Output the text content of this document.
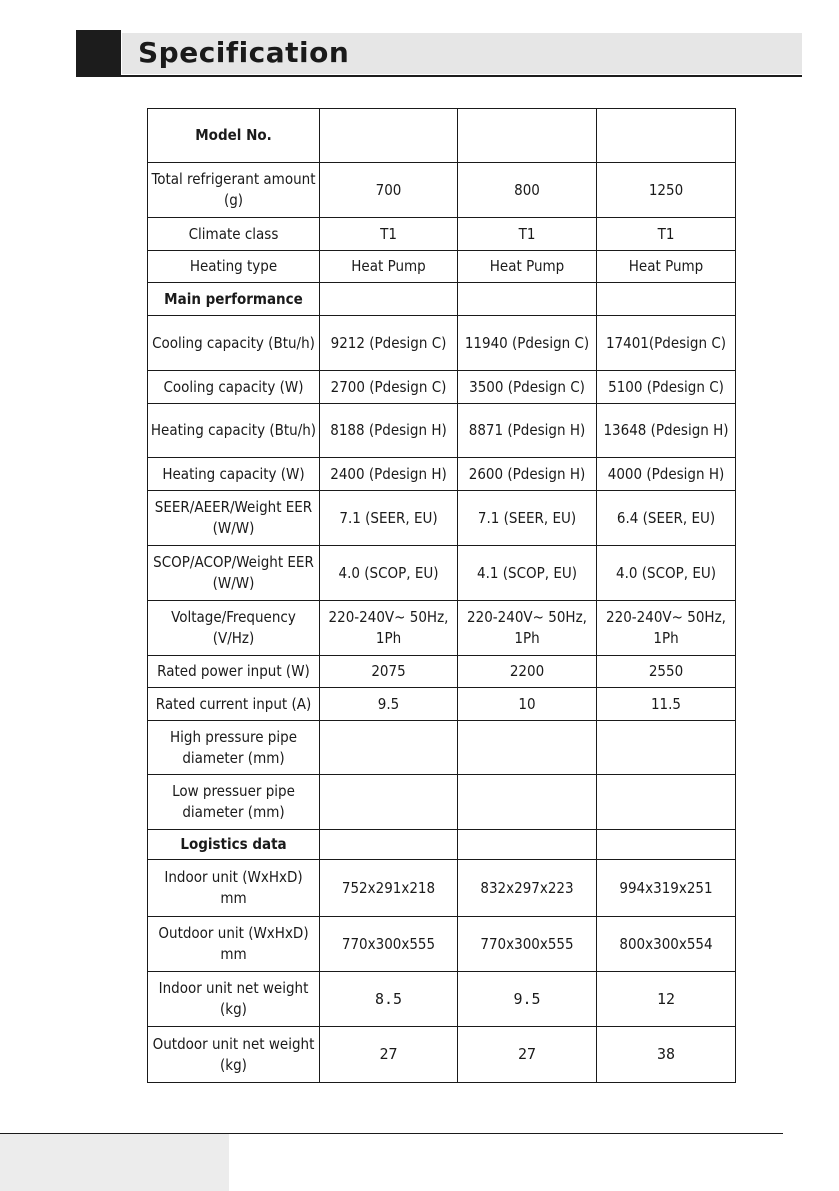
Specification
Model No.			
Total refrigerant amount (g)	700	800	1250
Climate class	T1	T1	T1
Heating type	Heat Pump	Heat Pump	Heat Pump
Main performance			
Cooling capacity (Btu/h)	9212 (Pdesign C)	11940 (Pdesign C)	17401(Pdesign C)
Cooling capacity (W)	2700 (Pdesign C)	3500 (Pdesign C)	5100 (Pdesign C)
Heating capacity (Btu/h)	8188 (Pdesign H)	8871 (Pdesign H)	13648 (Pdesign H)
Heating capacity (W)	2400 (Pdesign H)	2600 (Pdesign H)	4000 (Pdesign H)
SEER/AEER/Weight EER (W/W)	7.1 (SEER, EU)	7.1 (SEER, EU)	6.4 (SEER, EU)
SCOP/ACOP/Weight EER (W/W)	4.0 (SCOP, EU)	4.1 (SCOP, EU)	4.0 (SCOP, EU)
Voltage/Frequency (V/Hz)	220-240V~ 50Hz, 1Ph	220-240V~ 50Hz, 1Ph	220-240V~ 50Hz, 1Ph
Rated power input (W)	2075	2200	2550
Rated current input (A)	9.5	10	11.5
High pressure pipe diameter (mm)			
Low pressuer pipe diameter (mm)			
Logistics data			
Indoor unit (WxHxD) mm	752x291x218	832x297x223	994x319x251
Outdoor unit (WxHxD) mm	770x300x555	770x300x555	800x300x554
Indoor unit net weight (kg)	8.5	9.5	12
Outdoor unit net weight (kg)	27	27	38
